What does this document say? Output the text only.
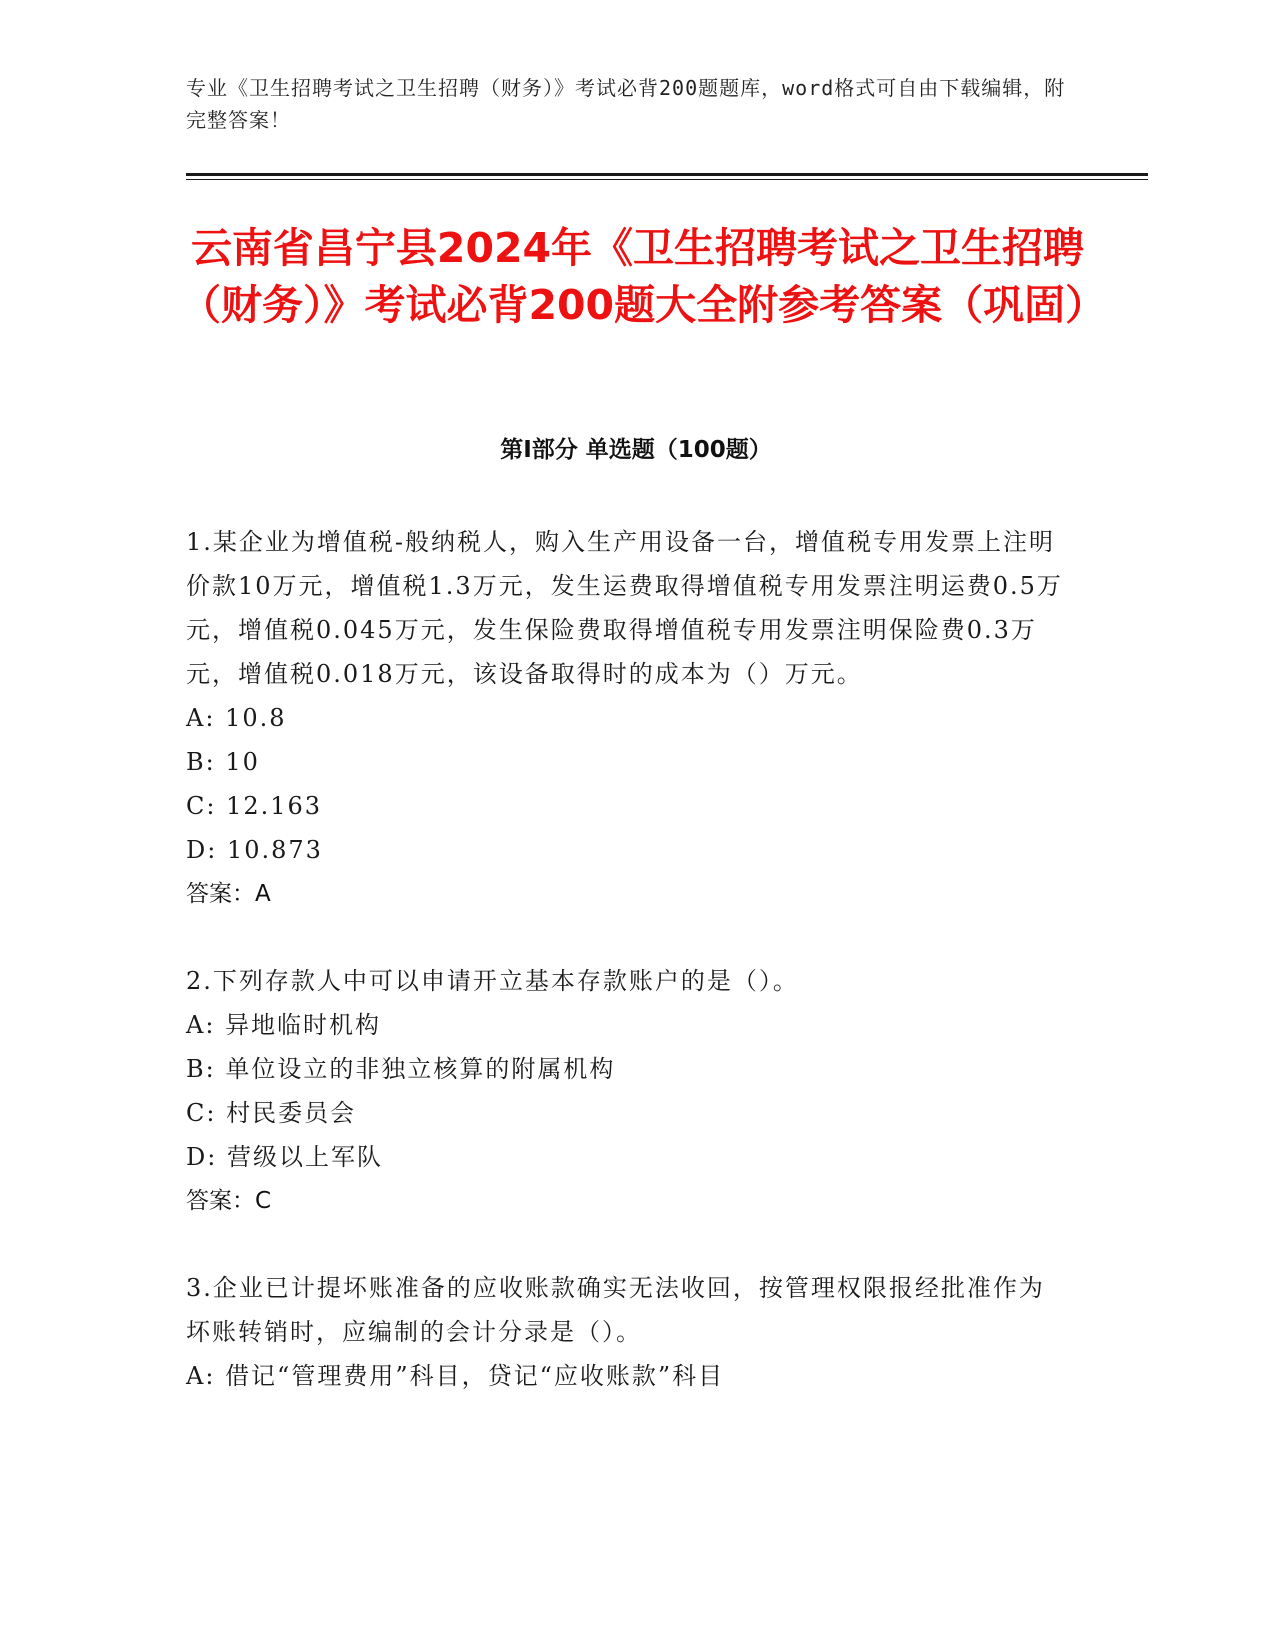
专业《卫生招聘考试之卫生招聘（财务）》考试必背200题题库，word格式可自由下载编辑，附完整答案！
云南省昌宁县2024年《卫生招聘考试之卫生招聘（财务）》考试必背200题大全附参考答案（巩固）
第Ⅰ部分 单选题（100题）
1.某企业为增值税-般纳税人，购入生产用设备一台，增值税专用发票上注明价款10万元，增值税1.3万元，发生运费取得增值税专用发票注明运费0.5万元，增值税0.045万元，发生保险费取得增值税专用发票注明保险费0.3万元，增值税0.018万元，该设备取得时的成本为（）万元。
A: 10.8
B: 10
C: 12.163
D: 10.873
答案：A
2.下列存款人中可以申请开立基本存款账户的是（）。
A: 异地临时机构
B: 单位设立的非独立核算的附属机构
C: 村民委员会
D: 营级以上军队
答案：C
3.企业已计提坏账准备的应收账款确实无法收回，按管理权限报经批准作为坏账转销时，应编制的会计分录是（）。
A: 借记“管理费用”科目，贷记“应收账款”科目
